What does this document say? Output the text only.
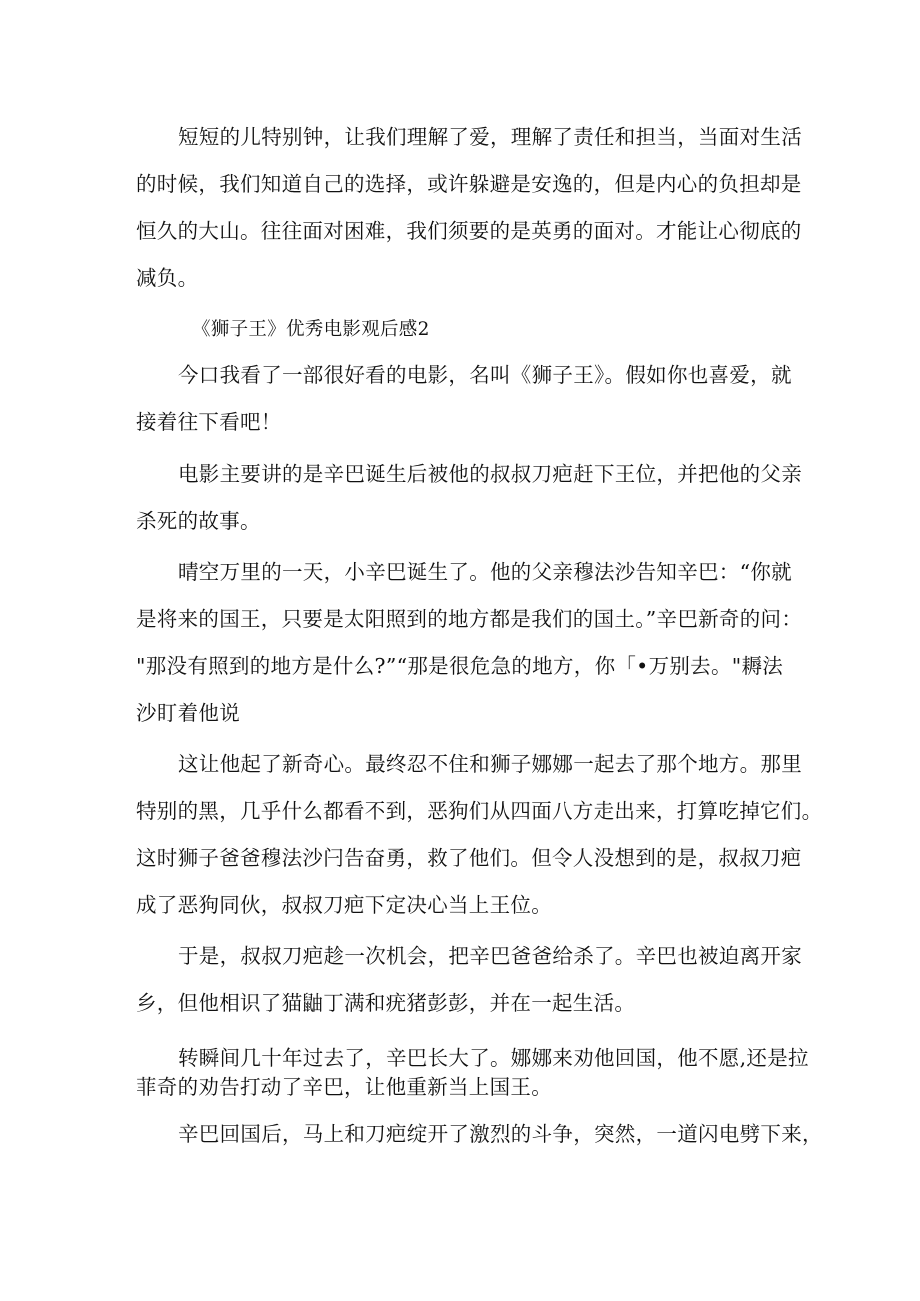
短短的儿特别钟，让我们理解了爱，理解了责任和担当，当面对生活
的时候，我们知道自己的选择，或许躲避是安逸的，但是内心的负担却是
恒久的大山。往往面对困难，我们须要的是英勇的面对。才能让心彻底的
减负。
《狮子王》优秀电影观后感2
今口我看了一部很好看的电影，名叫《狮子王》。假如你也喜爱，就
接着往下看吧！
电影主要讲的是辛巴诞生后被他的叔叔刀疤赶下王位，并把他的父亲
杀死的故事。
晴空万里的一天，小辛巴诞生了。他的父亲穆法沙告知辛巴：“你就
是将来的国王，只要是太阳照到的地方都是我们的国土。”辛巴新奇的问：
"那没有照到的地方是什么?”“那是很危急的地方，你「•万别去。"耨法
沙盯着他说
这让他起了新奇心。最终忍不住和狮子娜娜一起去了那个地方。那里
特别的黑，几乎什么都看不到，恶狗们从四面八方走出来，打算吃掉它们。
这时狮子爸爸穆法沙闩告奋勇，救了他们。但令人没想到的是，叔叔刀疤
成了恶狗同伙，叔叔刀疤下定决心当上王位。
于是，叔叔刀疤趁一次机会，把辛巴爸爸给杀了。辛巴也被迫离开家
乡，但他相识了猫鼬丁满和疣猪彭彭，并在一起生活。
转瞬间几十年过去了，辛巴长大了。娜娜来劝他回国，他不愿,还是拉
菲奇的劝告打动了辛巴，让他重新当上国王。
辛巴回国后，马上和刀疤绽开了激烈的斗争，突然，一道闪电劈下来，
